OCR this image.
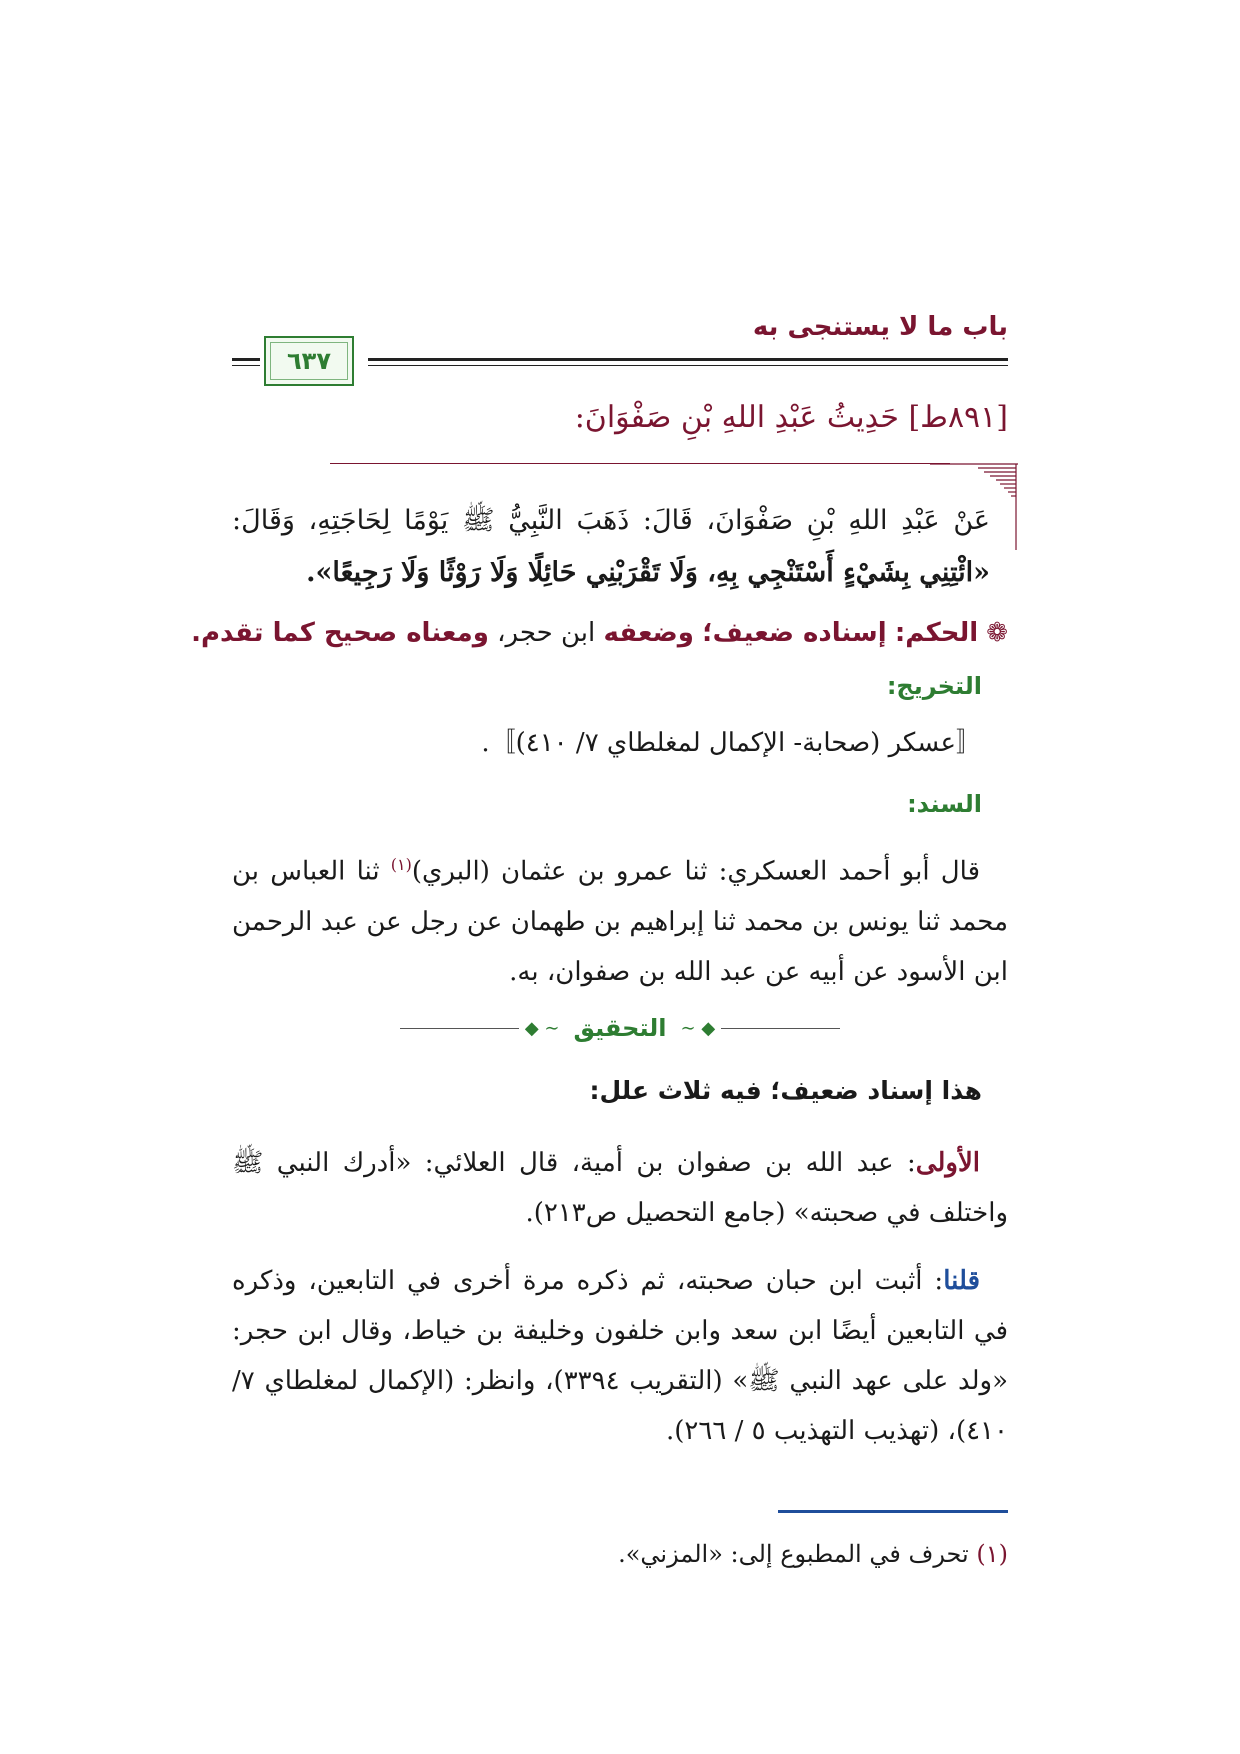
باب ما لا يستنجى به
٦٣٧
[٨٩١ط] حَدِيثُ عَبْدِ اللهِ بْنِ صَفْوَانَ:
عَنْ عَبْدِ اللهِ بْنِ صَفْوَانَ، قَالَ: ذَهَبَ النَّبِيُّ ﷺ يَوْمًا لِحَاجَتِهِ، وَقَالَ: «ائْتِنِي بِشَيْءٍ أَسْتَنْجِي بِهِ، وَلَا تَقْرَبْنِي حَائِلًا وَلَا رَوْثًا وَلَا رَجِيعًا».
❁الحكم: إسناده ضعيف؛ وضعفه ابن حجر، ومعناه صحيح كما تقدم.
التخريج:
〚عسكر (صحابة- الإكمال لمغلطاي ٧/ ٤١٠)〛.
السند:
قال أبو أحمد العسكري: ثنا عمرو بن عثمان (البري)$^{(١)}$ ثنا العباس بن محمد ثنا يونس بن محمد ثنا إبراهيم بن طهمان عن رجل عن عبد الرحمن ابن الأسود عن أبيه عن عبد الله بن صفوان، به.
◆ ∽
التحقيق
∽ ◆
هذا إسناد ضعيف؛ فيه ثلاث علل:
الأولى: عبد الله بن صفوان بن أمية، قال العلائي: «أدرك النبي ﷺ واختلف في صحبته» (جامع التحصيل ص٢١٣).
قلنا: أثبت ابن حبان صحبته، ثم ذكره مرة أخرى في التابعين، وذكره في التابعين أيضًا ابن سعد وابن خلفون وخليفة بن خياط، وقال ابن حجر: «ولد على عهد النبي ﷺ» (التقريب ٣٣٩٤)، وانظر: (الإكمال لمغلطاي ٧/ ٤١٠)، (تهذيب التهذيب ٥ / ٢٦٦).
(١) تحرف في المطبوع إلى: «المزني».
